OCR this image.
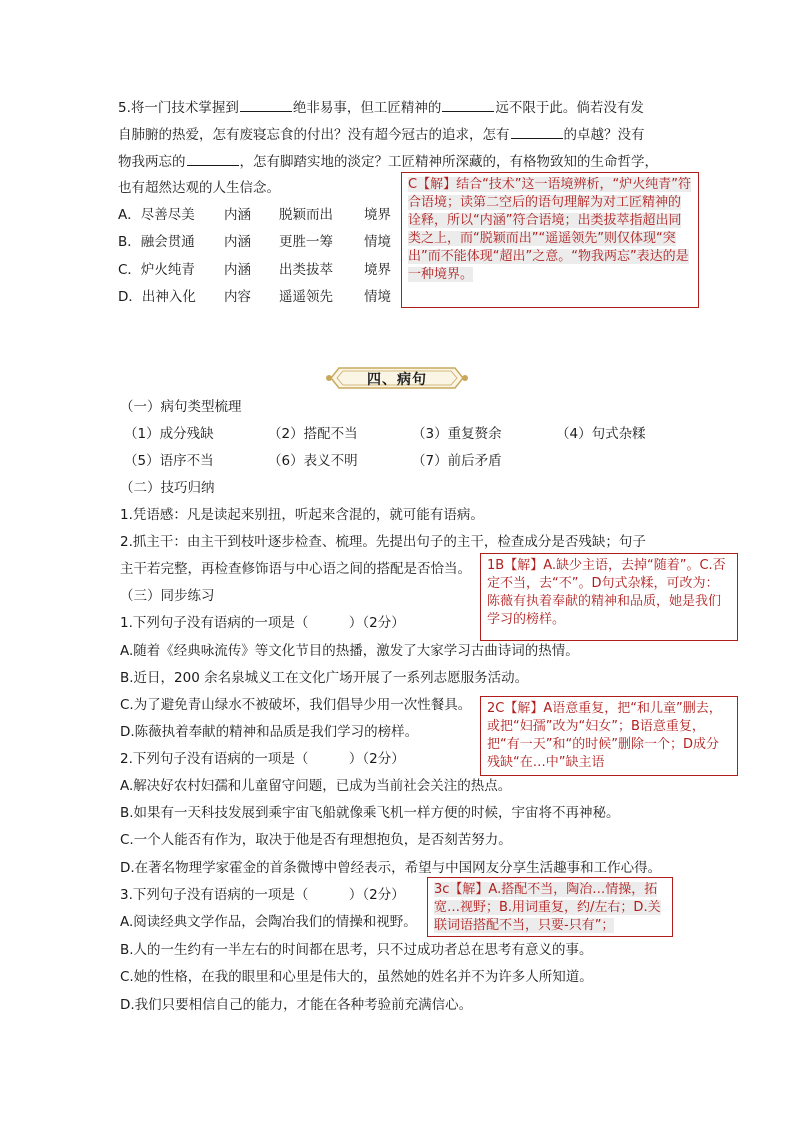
5.将一门技术掌握到	绝非易事，但工匠精神的	远不限于此。倘若没有发
自肺腑的热爱，怎有废寝忘食的付出？没有超今冠古的追求，怎有	的卓越？没有
物我两忘的	，怎有脚踏实地的淡定？工匠精神所深藏的，有格物致知的生命哲学，
也有超然达观的人生信念。
A．尽善尽美 内涵 脱颖而出 境界
B．融会贯通 内涵 更胜一筹 情境
C．炉火纯青 内涵 出类拔萃 境界
D．出神入化 内容 遥遥领先 情境
C【解】结合“技术”这一语境辨析，“炉火纯青”符合语境；读第二空后的语句理解为对工匠精神的诠释，所以“内涵”符合语境；出类拔萃指超出同类之上，而“脱颖而出”“遥遥领先”则仅体现“突出”而不能体现“超出”之意。“物我两忘”表达的是一种境界。
四、病句
（一）病句类型梳理
（1）成分残缺	（2）搭配不当	（3）重复赘余	（4）句式杂糅
（5）语序不当	（6）表义不明	（7）前后矛盾
（二）技巧归纳
1.凭语感：凡是读起来别扭，听起来含混的，就可能有语病。
2.抓主干：由主干到枝叶逐步检查、梳理。先提出句子的主干，检查成分是否残缺；句子
主干若完整，再检查修饰语与中心语之间的搭配是否恰当。
（三）同步练习
1.下列句子没有语病的一项是（　　　）（2分）
A.随着《经典咏流传》等文化节目的热播，激发了大家学习古曲诗词的热情。
B.近日，200 余名泉城义工在文化广场开展了一系列志愿服务活动。
C.为了避免青山绿水不被破坏，我们倡导少用一次性餐具。
D.陈薇执着奉献的精神和品质是我们学习的榜样。
1B【解】A.缺少主语，去掉“随着”。C.否定不当，去“不”。D句式杂糅，可改为：陈薇有执着奉献的精神和品质，她是我们学习的榜样。
2.下列句子没有语病的一项是（　　　）（2分）
A.解决好农村妇孺和儿童留守问题，已成为当前社会关注的热点。
B.如果有一天科技发展到乘宇宙飞船就像乘飞机一样方便的时候，宇宙将不再神秘。
C.一个人能否有作为，取决于他是否有理想抱负，是否刻苦努力。
D.在著名物理学家霍金的首条微博中曾经表示，希望与中国网友分享生活趣事和工作心得。
2C【解】A语意重复，把“和儿童”删去，或把“妇孺”改为“妇女”；B语意重复，把“有一天”和“的时候”删除一个；D成分残缺“在…中”缺主语
3.下列句子没有语病的一项是（　　　）（2分）
A.阅读经典文学作品，会陶冶我们的情操和视野。
B.人的一生约有一半左右的时间都在思考，只不过成功者总在思考有意义的事。
C.她的性格，在我的眼里和心里是伟大的，虽然她的姓名并不为许多人所知道。
D.我们只要相信自己的能力，才能在各种考验前充满信心。
3c【解】A.搭配不当，陶冶…情操，拓宽…视野；B.用词重复，约/左右；D.关联词语搭配不当，只要-只有”；
